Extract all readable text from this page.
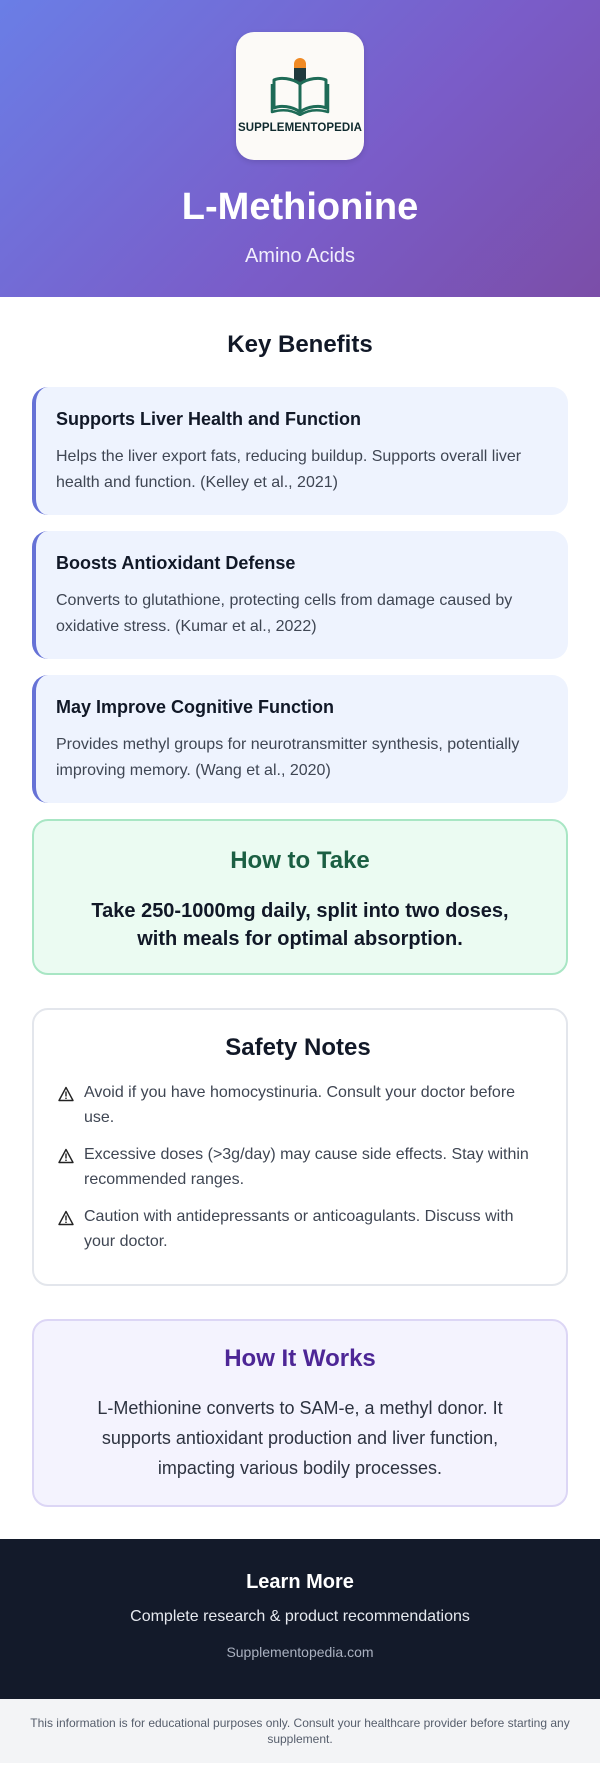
SUPPLEMENTOPEDIA
L-Methionine
Amino Acids
Key Benefits
Supports Liver Health and Function

Helps the liver export fats, reducing buildup. Supports overall liver health and function. (Kelley et al., 2021)

Boosts Antioxidant Defense

Converts to glutathione, protecting cells from damage caused by oxidative stress. (Kumar et al., 2022)

May Improve Cognitive Function

Provides methyl groups for neurotransmitter synthesis, potentially improving memory. (Wang et al., 2020)

How to Take

Take 250-1000mg daily, split into two doses, with meals for optimal absorption.

Safety Notes
Avoid if you have homocystinuria. Consult your doctor before use.
Excessive doses (>3g/day) may cause side effects. Stay within recommended ranges.
Caution with antidepressants or anticoagulants. Discuss with your doctor.
How It Works

L-Methionine converts to SAM-e, a methyl donor. It supports antioxidant production and liver function, impacting various bodily processes.

Learn More
Complete research & product recommendations
Supplementopedia.com
This information is for educational purposes only. Consult your healthcare provider before starting any supplement.
